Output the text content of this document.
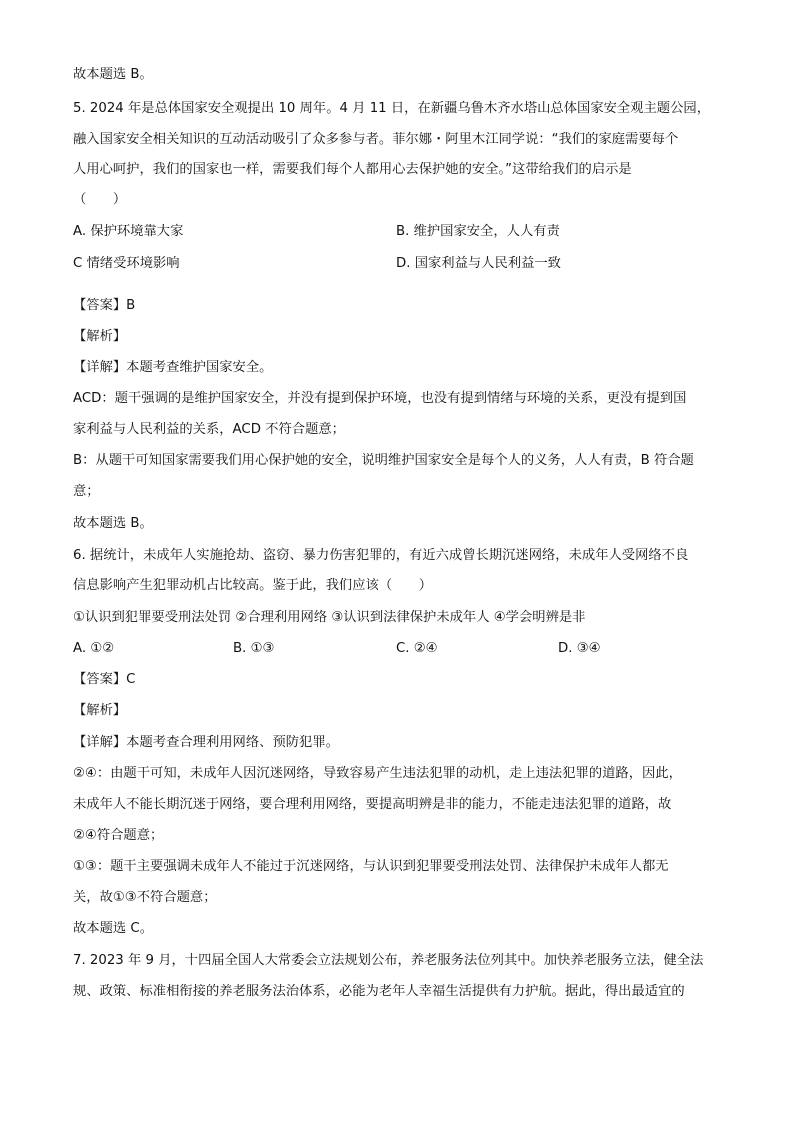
故本题选 B。
5. 2024 年是总体国家安全观提出 10 周年。4 月 11 日，在新疆乌鲁木齐水塔山总体国家安全观主题公园，
融入国家安全相关知识的互动活动吸引了众多参与者。菲尔娜・阿里木江同学说：“我们的家庭需要每个
人用心呵护，我们的国家也一样，需要我们每个人都用心去保护她的安全。”这带给我们的启示是
（　　）
A. 保护环境靠大家	B. 维护国家安全，人人有责
C 情绪受环境影响	D. 国家利益与人民利益一致
【答案】B
【解析】
【详解】本题考查维护国家安全。
ACD：题干强调的是维护国家安全，并没有提到保护环境，也没有提到情绪与环境的关系，更没有提到国
家利益与人民利益的关系，ACD 不符合题意；
B：从题干可知国家需要我们用心保护她的安全，说明维护国家安全是每个人的义务，人人有责，B 符合题
意；
故本题选 B。
6. 据统计，未成年人实施抢劫、盗窃、暴力伤害犯罪的，有近六成曾长期沉迷网络，未成年人受网络不良
信息影响产生犯罪动机占比较高。鉴于此，我们应该（　　）
①认识到犯罪要受刑法处罚 ②合理利用网络 ③认识到法律保护未成年人 ④学会明辨是非
A. ①②	B. ①③	C. ②④	D. ③④
【答案】C
【解析】
【详解】本题考查合理利用网络、预防犯罪。
②④：由题干可知，未成年人因沉迷网络，导致容易产生违法犯罪的动机，走上违法犯罪的道路，因此，
未成年人不能长期沉迷于网络，要合理利用网络，要提高明辨是非的能力，不能走违法犯罪的道路，故
②④符合题意；
①③：题干主要强调未成年人不能过于沉迷网络，与认识到犯罪要受刑法处罚、法律保护未成年人都无
关，故①③不符合题意；
故本题选 C。
7. 2023 年 9 月，十四届全国人大常委会立法规划公布，养老服务法位列其中。加快养老服务立法，健全法
规、政策、标准相衔接的养老服务法治体系，必能为老年人幸福生活提供有力护航。据此，得出最适宜的
